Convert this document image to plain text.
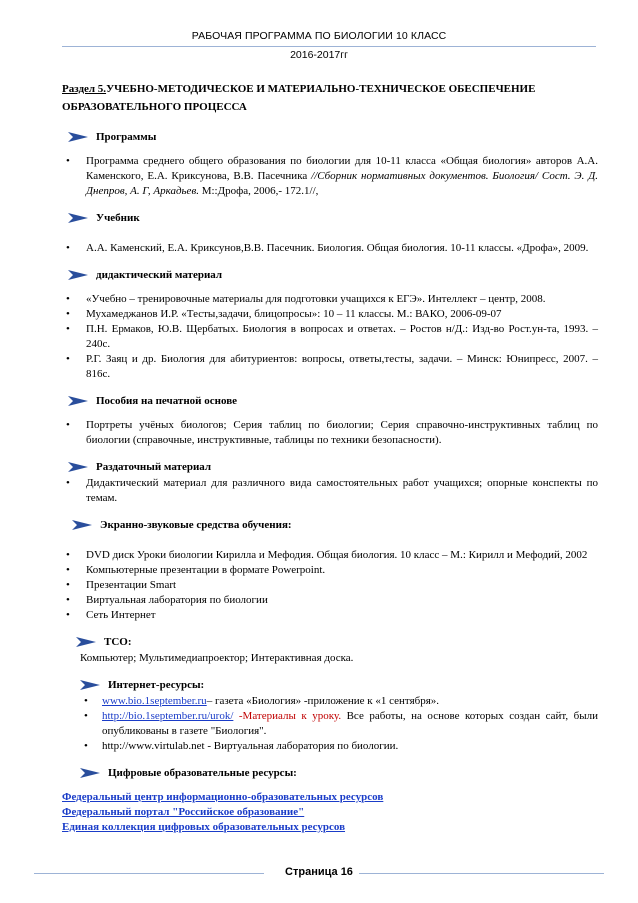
РАБОЧАЯ ПРОГРАММА ПО БИОЛОГИИ 10 КЛАСС
2016-2017гг
Раздел 5.УЧЕБНО-МЕТОДИЧЕСКОЕ И МАТЕРИАЛЬНО-ТЕХНИЧЕСКОЕ ОБЕСПЕЧЕНИЕ ОБРАЗОВАТЕЛЬНОГО ПРОЦЕССА
Программы
• Программа среднего общего образования по биологии для 10-11 класса «Общая биология» авторов А.А. Каменского, Е.А. Криксунова, В.В. Пасечника //Сборник нормативных документов. Биология/ Сост. Э. Д. Днепров, А. Г, Аркадьев. М::Дрофа, 2006,- 172.1//,
Учебник
• А.А. Каменский, Е.А. Криксунов,В.В. Пасечник. Биология. Общая биология. 10-11 классы. «Дрофа», 2009.
дидактический материал
• «Учебно – тренировочные материалы для подготовки учащихся к ЕГЭ». Интеллект – центр, 2008.
• Мухамеджанов И.Р. «Тесты,задачи, блицопросы»: 10 – 11 классы. М.: ВАКО, 2006-09-07
• П.Н. Ермаков, Ю.В. Щербатых. Биология в вопросах и ответах. – Ростов н/Д.: Изд-во Рост.ун-та, 1993. – 240с.
• Р.Г. Заяц и др. Биология для абитуриентов: вопросы, ответы,тесты, задачи. – Минск: Юнипресс, 2007. – 816с.
Пособия на печатной основе
• Портреты учёных биологов; Серия таблиц по биологии; Серия справочно-инструктивных таблиц по биологии (справочные, инструктивные, таблицы по техники безопасности).
Раздаточный материал
• Дидактический материал для различного вида самостоятельных работ учащихся; опорные конспекты по темам.
Экранно-звуковые средства обучения:
• DVD диск Уроки биологии Кирилла и Мефодия. Общая биология. 10 класс – М.: Кирилл и Мефодий, 2002
• Компьютерные презентации в формате Powerpoint.
• Презентации Smart
• Виртуальная лаборатория по биологии
• Сеть Интернет
ТСО:
Компьютер; Мультимедиапроектор; Интерактивная доска.
Интернет-ресурсы:
• www.bio.1september.ru– газета «Биология» -приложение к «1 сентября».
• http://bio.1september.ru/urok/ -Материалы к уроку. Все работы, на основе которых создан сайт, были опубликованы в газете "Биология".
• http://www.virtulab.net - Виртуальная лаборатория по биологии.
Цифровые образовательные ресурсы:
Федеральный центр информационно-образовательных ресурсов
Федеральный портал "Российское образование"
Единая коллекция цифровых образовательных ресурсов
Страница 16
